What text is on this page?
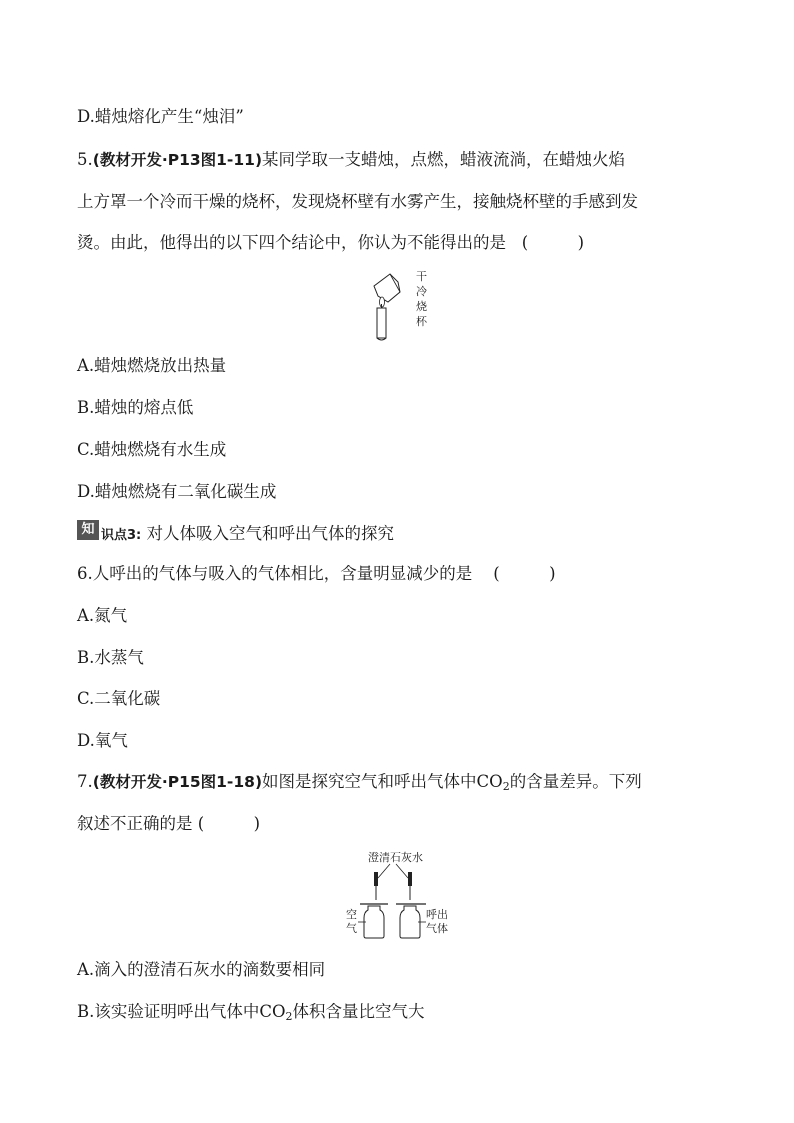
D.蜡烛熔化产生“烛泪”
5.(教材开发·P13图1-11)某同学取一支蜡烛，点燃，蜡液流淌，在蜡烛火焰
上方罩一个冷而干燥的烧杯，发现烧杯壁有水雾产生，接触烧杯壁的手感到发
烫。由此，他得出的以下四个结论中，你认为不能得出的是 (　　　)
干
冷
烧
杯
A.蜡烛燃烧放出热量
B.蜡烛的熔点低
C.蜡烛燃烧有水生成
D.蜡烛燃烧有二氧化碳生成
知 识点3: 对人体吸入空气和呼出气体的探究
6.人呼出的气体与吸入的气体相比，含量明显减少的是 (　　　)
A.氮气
B.水蒸气
C.二氧化碳
D.氧气
7.(教材开发·P15图1-18)如图是探究空气和呼出气体中$CO_2$的含量差异。下列
叙述不正确的是 (　　　)
澄清石灰水
空
气
呼出
气体
A.滴入的澄清石灰水的滴数要相同
B.该实验证明呼出气体中$CO_2$体积含量比空气大
